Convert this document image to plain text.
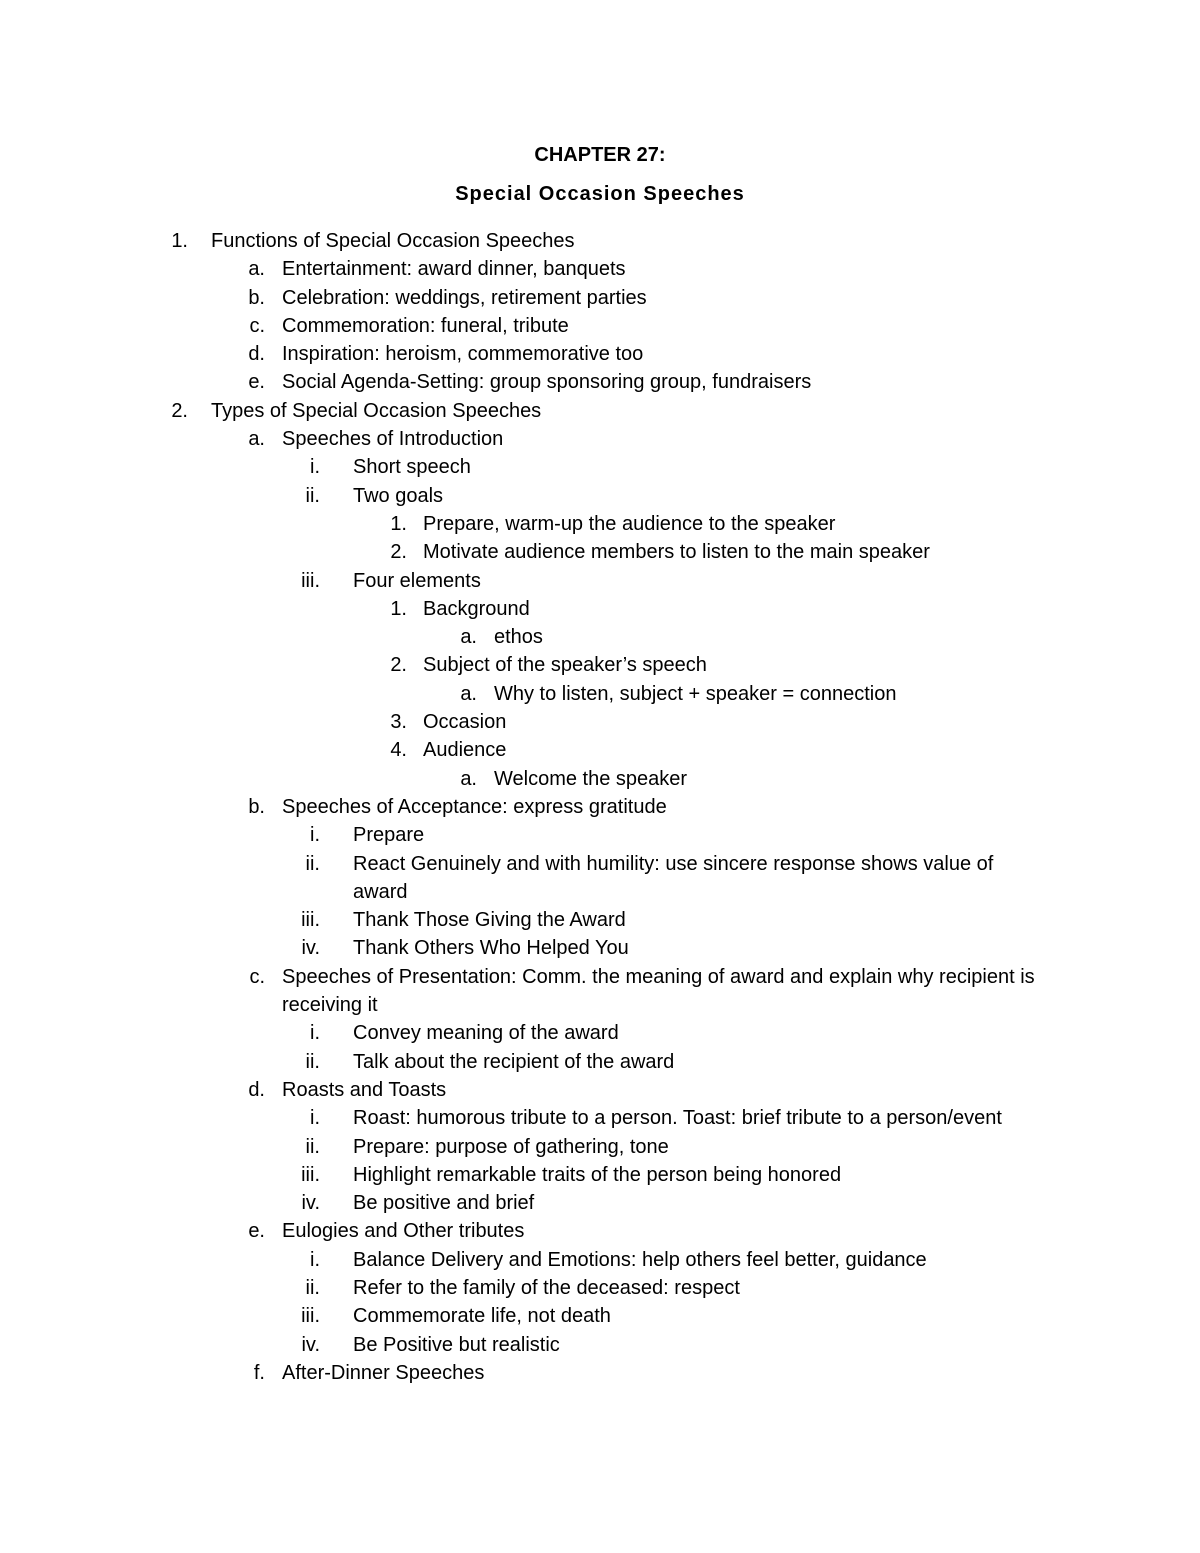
CHAPTER 27:
Special Occasion Speeches
1. Functions of Special Occasion Speeches
a. Entertainment: award dinner, banquets
b. Celebration: weddings, retirement parties
c. Commemoration: funeral, tribute
d. Inspiration: heroism, commemorative too
e. Social Agenda-Setting: group sponsoring group, fundraisers
2. Types of Special Occasion Speeches
a. Speeches of Introduction
i. Short speech
ii. Two goals
1. Prepare, warm-up the audience to the speaker
2. Motivate audience members to listen to the main speaker
iii. Four elements
1. Background
a. ethos
2. Subject of the speaker’s speech
a. Why to listen, subject + speaker = connection
3. Occasion
4. Audience
a. Welcome the speaker
b. Speeches of Acceptance: express gratitude
i. Prepare
ii. React Genuinely and with humility: use sincere response shows value of award
iii. Thank Those Giving the Award
iv. Thank Others Who Helped You
c. Speeches of Presentation: Comm. the meaning of award and explain why recipient is receiving it
i. Convey meaning of the award
ii. Talk about the recipient of the award
d. Roasts and Toasts
i. Roast: humorous tribute to a person. Toast: brief tribute to a person/event
ii. Prepare: purpose of gathering, tone
iii. Highlight remarkable traits of the person being honored
iv. Be positive and brief
e. Eulogies and Other tributes
i. Balance Delivery and Emotions: help others feel better, guidance
ii. Refer to the family of the deceased: respect
iii. Commemorate life, not death
iv. Be Positive but realistic
f. After-Dinner Speeches
